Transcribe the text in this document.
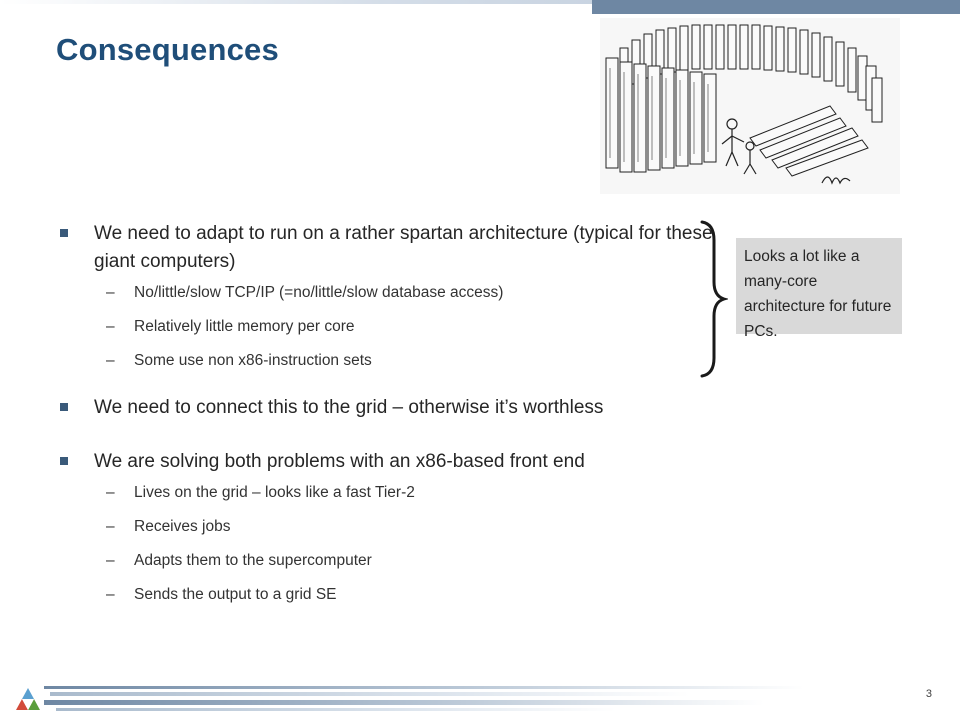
Consequences
We need to adapt to run on a rather spartan architecture (typical for these giant computers)
– No/little/slow TCP/IP (=no/little/slow database access)
– Relatively little memory per core
– Some use non x86-instruction sets
We need to connect this to the grid – otherwise it’s worthless
We are solving both problems with an x86-based front end
– Lives on the grid – looks like a fast Tier-2
– Receives jobs
– Adapts them to the supercomputer
– Sends the output to a grid SE
Looks a lot like a many-core architecture for future PCs.
3
